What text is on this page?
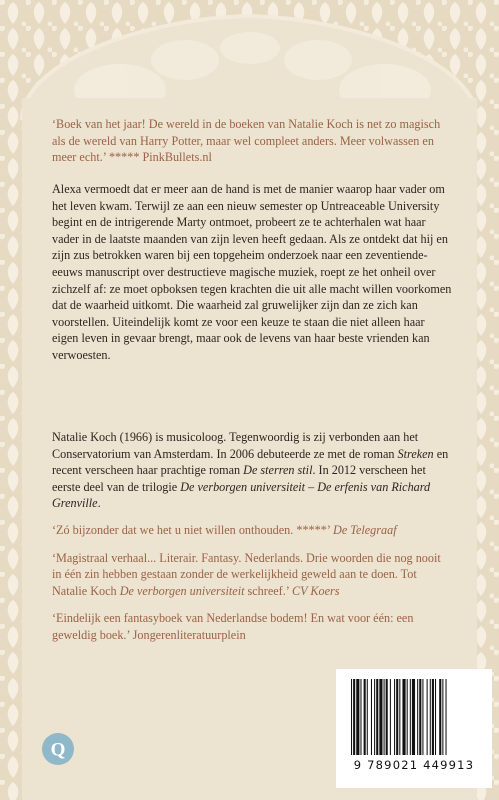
‘Boek van het jaar! De wereld in de boeken van Natalie Koch is net zo magisch als de wereld van Harry Potter, maar wel compleet anders. Meer volwassen en meer echt.’ ***** PinkBullets.nl

Alexa vermoedt dat er meer aan de hand is met de manier waarop haar vader om het leven kwam. Terwijl ze aan een nieuw semester op Untreaceable University begint en de intrigerende Marty ontmoet, probeert ze te achterhalen wat haar vader in de laatste maanden van zijn leven heeft gedaan. Als ze ontdekt dat hij en zijn zus betrokken waren bij een topgeheim onderzoek naar een zeventiende-eeuws manuscript over destructieve magische muziek, roept ze het onheil over zichzelf af: ze moet opboksen tegen krachten die uit alle macht willen voorkomen dat de waarheid uitkomt. Die waarheid zal gruwelijker zijn dan ze zich kan voorstellen. Uiteindelijk komt ze voor een keuze te staan die niet alleen haar eigen leven in gevaar brengt, maar ook de levens van haar beste vrienden kan verwoesten.

Natalie Koch (1966) is musicoloog. Tegenwoordig is zij verbonden aan het Conservatorium van Amsterdam. In 2006 debuteerde ze met de roman Streken en recent verscheen haar prachtige roman De sterren stil. In 2012 verscheen het eerste deel van de trilogie De verborgen universiteit – De erfenis van Richard Grenville.

‘Zó bijzonder dat we het u niet willen onthouden. *****’ De Telegraaf

‘Magistraal verhaal... Literair. Fantasy. Nederlands. Drie woorden die nog nooit in één zin hebben gestaan zonder de werkelijkheid geweld aan te doen. Tot Natalie Koch De verborgen universiteit schreef.’ CV Koers

‘Eindelijk een fantasyboek van Nederlandse bodem! En wat voor één: een geweldig boek.’ Jongerenliteratuurplein

9 789021 449913
Q
